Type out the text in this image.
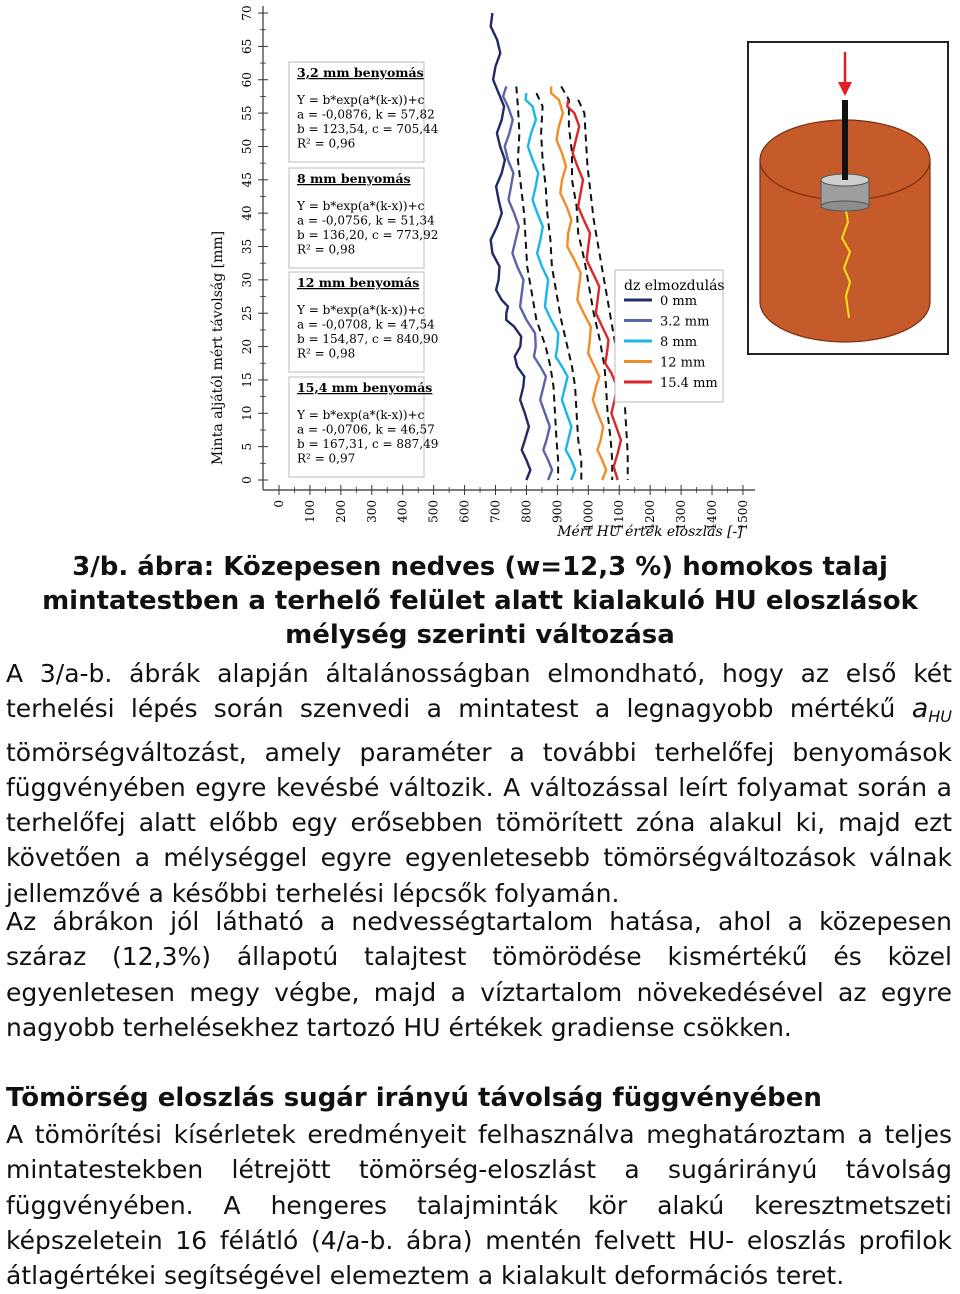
Minta aljától mért távolság [mm]
0
5
10
15
20
25
30
35
40
45
50
55
60
65
70
0 100 200 300 400 500 600 700 800 900 1000 1100 1200 1300 1400 1500
Mért HU érték eloszlás [-]
3,2 mm benyomás
Y = b*exp(a*(k-x))+c
a = -0,0876, k = 57,82
b = 123,54, c = 705,44
R² = 0,96
8 mm benyomás
Y = b*exp(a*(k-x))+c
a = -0,0756, k = 51,34
b = 136,20, c = 773,92
R² = 0,98
12 mm benyomás
Y = b*exp(a*(k-x))+c
a = -0,0708, k = 47,54
b = 154,87, c = 840,90
R² = 0,98
15,4 mm benyomás
Y = b*exp(a*(k-x))+c
a = -0,0706, k = 46,57
b = 167,31, c = 887,49
R² = 0,97
dz elmozdulás
0 mm
3.2 mm
8 mm
12 mm
15.4 mm
3/b. ábra: Közepesen nedves (w=12,3 %) homokos talaj
mintatestben a terhelő felület alatt kialakuló HU eloszlások
mélység szerinti változása
A 3/a-b. ábrák alapján általánosságban elmondható, hogy az első két terhelési lépés során szenvedi a mintatest a legnagyobb mértékű $a_{HU}$ tömörségváltozást, amely paraméter a további terhelőfej benyomások függvényében egyre kevésbé változik. A változással leírt folyamat során a terhelőfej alatt előbb egy erősebben tömörített zóna alakul ki, majd ezt követően a mélységgel egyre egyenletesebb tömörségváltozások válnak jellemzővé a későbbi terhelési lépcsők folyamán.
Az ábrákon jól látható a nedvességtartalom hatása, ahol a közepesen száraz (12,3%) állapotú talajtest tömörödése kismértékű és közel egyenletesen megy végbe, majd a víztartalom növekedésével az egyre nagyobb terhelésekhez tartozó HU értékek gradiense csökken.
Tömörség eloszlás sugár irányú távolság függvényében
A tömörítési kísérletek eredményeit felhasználva meghatároztam a teljes mintatestekben létrejött tömörség-eloszlást a sugárirányú távolság függvényében. A hengeres talajminták kör alakú keresztmetszeti képszeletein 16 félátló (4/a-b. ábra) mentén felvett HU- eloszlás profilok átlagértékei segítségével elemeztem a kialakult deformációs teret.
